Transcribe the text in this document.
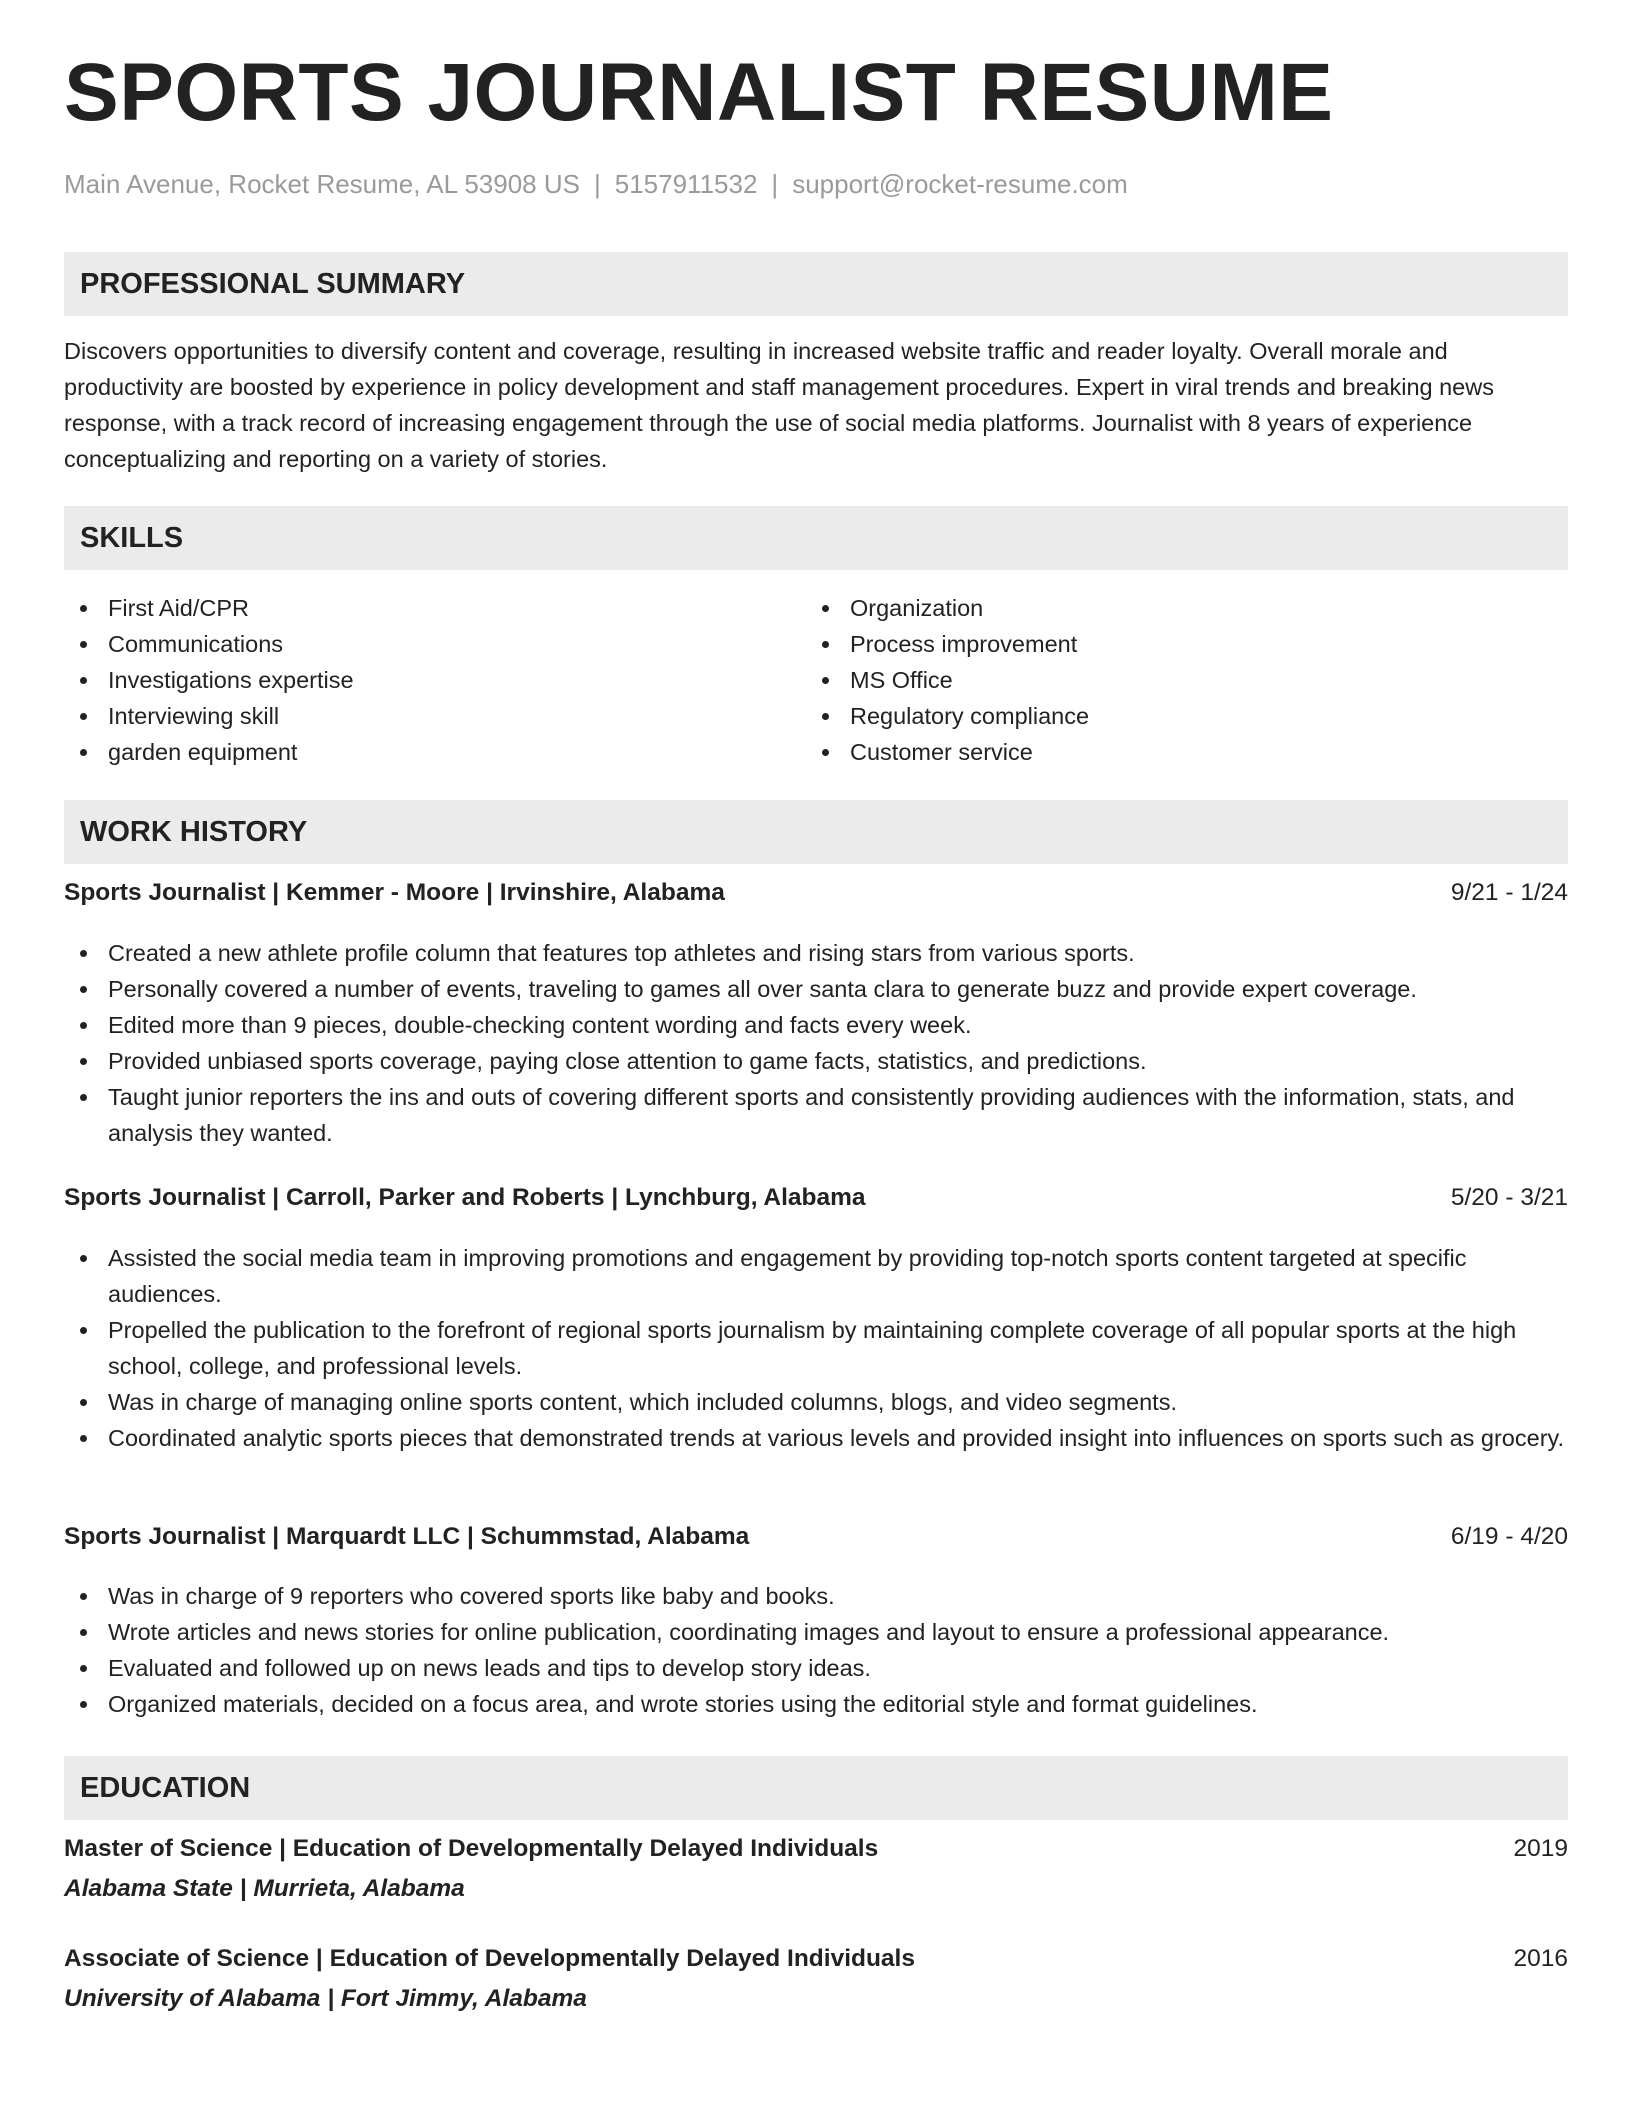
SPORTS JOURNALIST RESUME
Main Avenue, Rocket Resume, AL 53908 US | 5157911532 | support@rocket-resume.com
PROFESSIONAL SUMMARY

Discovers opportunities to diversify content and coverage, resulting in increased website traffic and reader loyalty. Overall morale and productivity are boosted by experience in policy development and staff management procedures. Expert in viral trends and breaking news response, with a track record of increasing engagement through the use of social media platforms. Journalist with 8 years of experience conceptualizing and reporting on a variety of stories.

SKILLS
First Aid/CPR
Communications
Investigations expertise
Interviewing skill
garden equipment
Organization
Process improvement
MS Office
Regulatory compliance
Customer service
WORK HISTORY
Sports Journalist | Kemmer - Moore | Irvinshire, Alabama	9/21 - 1/24
Created a new athlete profile column that features top athletes and rising stars from various sports.
Personally covered a number of events, traveling to games all over santa clara to generate buzz and provide expert coverage.
Edited more than 9 pieces, double-checking content wording and facts every week.
Provided unbiased sports coverage, paying close attention to game facts, statistics, and predictions.
Taught junior reporters the ins and outs of covering different sports and consistently providing audiences with the information, stats, and analysis they wanted.
Sports Journalist | Carroll, Parker and Roberts | Lynchburg, Alabama	5/20 - 3/21
Assisted the social media team in improving promotions and engagement by providing top-notch sports content targeted at specific audiences.
Propelled the publication to the forefront of regional sports journalism by maintaining complete coverage of all popular sports at the high school, college, and professional levels.
Was in charge of managing online sports content, which included columns, blogs, and video segments.
Coordinated analytic sports pieces that demonstrated trends at various levels and provided insight into influences on sports such as grocery.
Sports Journalist | Marquardt LLC | Schummstad, Alabama	6/19 - 4/20
Was in charge of 9 reporters who covered sports like baby and books.
Wrote articles and news stories for online publication, coordinating images and layout to ensure a professional appearance.
Evaluated and followed up on news leads and tips to develop story ideas.
Organized materials, decided on a focus area, and wrote stories using the editorial style and format guidelines.
EDUCATION
Master of Science | Education of Developmentally Delayed Individuals	2019
Alabama State | Murrieta, Alabama
Associate of Science | Education of Developmentally Delayed Individuals	2016
University of Alabama | Fort Jimmy, Alabama
